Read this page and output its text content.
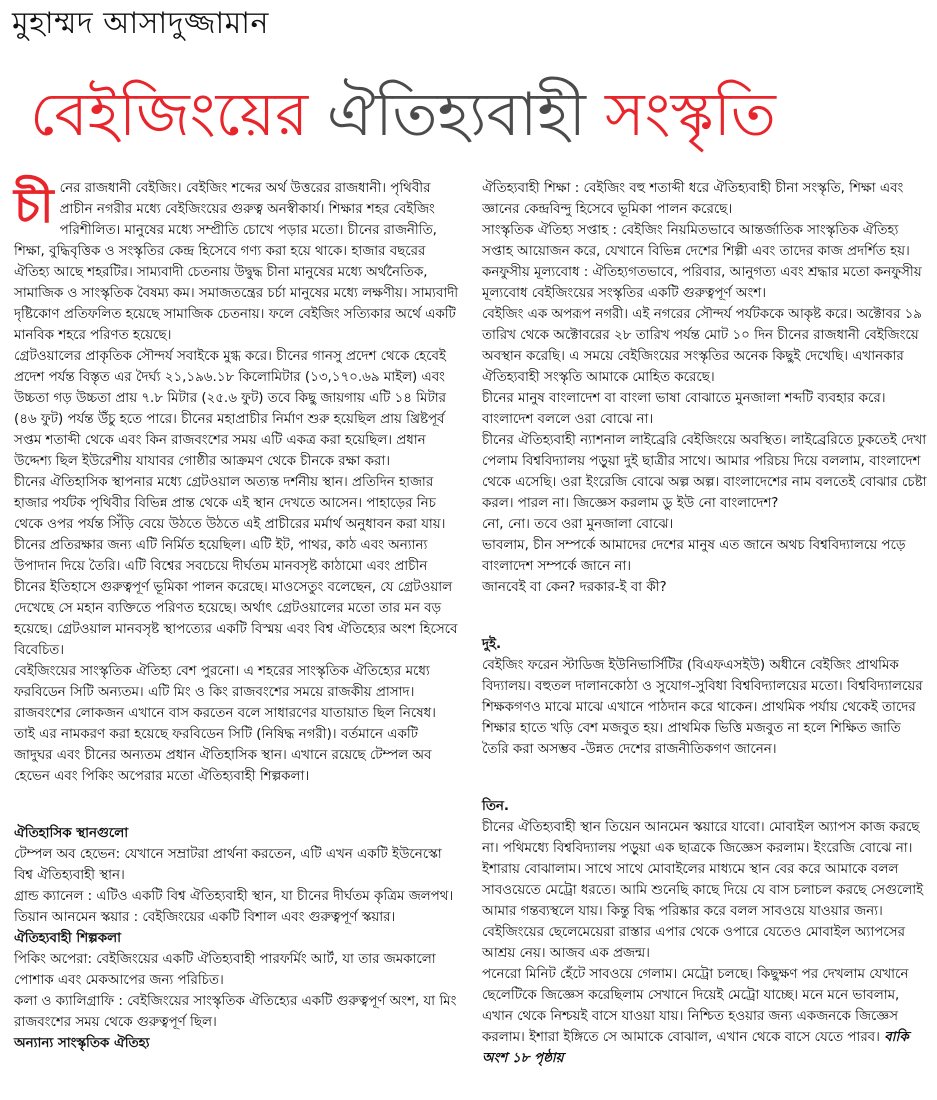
মুহাম্মদ আসাদুজ্জামান
বেইজিংয়ের ঐতিহ্যবাহী সংস্কৃতি

চীনের রাজধানী বেইজিং। বেইজিং শব্দের অর্থ উত্তরের রাজধানী। পৃথিবীর প্রাচীন নগরীর মধ্যে বেইজিংয়ের গুরুত্ব অনস্বীকার্য। শিক্ষার শহর বেইজিং পরিশীলিত। মানুষের মধ্যে সম্প্রীতি চোখে পড়ার মতো। চীনের রাজনীতি, শিক্ষা, বুদ্ধিবৃত্তিক ও সংস্কৃতির কেন্দ্র হিসেবে গণ্য করা হয়ে থাকে। হাজার বছরের ঐতিহ্য আছে শহরটির। সাম্যবাদী চেতনায় উদ্বুদ্ধ চীনা মানুষের মধ্যে অর্থনৈতিক, সামাজিক ও সাংস্কৃতিক বৈষম্য কম। সমাজতন্ত্রের চর্চা মানুষের মধ্যে লক্ষণীয়। সাম্যবাদী দৃষ্টিকোণ প্রতিফলিত হয়েছে সামাজিক চেতনায়। ফলে বেইজিং সত্যিকার অর্থে একটি মানবিক শহরে পরিণত হয়েছে।

গ্রেটওয়ালের প্রাকৃতিক সৌন্দর্য সবাইকে মুগ্ধ করে। চীনের গানসু প্রদেশ থেকে হেবেই প্রদেশ পর্যন্ত বিস্তৃত এর দৈর্ঘ্য ২১,১৯৬.১৮ কিলোমিটার (১৩,১৭০.৬৯ মাইল) এবং উচ্চতা গড় উচ্চতা প্রায় ৭.৮ মিটার (২৫.৬ ফুট) তবে কিছু জায়গায় এটি ১৪ মিটার (৪৬ ফুট) পর্যন্ত উঁচু হতে পারে। চীনের মহাপ্রাচীর নির্মাণ শুরু হয়েছিল প্রায় খ্রিষ্টপূর্ব সপ্তম শতাব্দী থেকে এবং কিন রাজবংশের সময় এটি একত্র করা হয়েছিল। প্রধান উদ্দেশ্য ছিল ইউরেশীয় যাযাবর গোষ্ঠীর আক্রমণ থেকে চীনকে রক্ষা করা।

চীনের ঐতিহাসিক স্থাপনার মধ্যে গ্রেটওয়াল অত্যন্ত দর্শনীয় স্থান। প্রতিদিন হাজার হাজার পর্যটক পৃথিবীর বিভিন্ন প্রান্ত থেকে এই স্থান দেখতে আসেন। পাহাড়ের নিচ থেকে ওপর পর্যন্ত সিঁড়ি বেয়ে উঠতে উঠতে এই প্রাচীরের মর্মার্থ অনুধাবন করা যায়। চীনের প্রতিরক্ষার জন্য এটি নির্মিত হয়েছিল। এটি ইট, পাথর, কাঠ এবং অন্যান্য উপাদান দিয়ে তৈরি। এটি বিশ্বের সবচেয়ে দীর্ঘতম মানবসৃষ্ট কাঠামো এবং প্রাচীন চীনের ইতিহাসে গুরুত্বপূর্ণ ভূমিকা পালন করেছে। মাওসেতুং বলেছেন, যে গ্রেটওয়াল দেখেছে সে মহান ব্যক্তিতে পরিণত হয়েছে। অর্থাৎ গ্রেটওয়ালের মতো তার মন বড় হয়েছে। গ্রেটওয়াল মানবসৃষ্ট স্থাপত্যের একটি বিস্ময় এবং বিশ্ব ঐতিহ্যের অংশ হিসেবে বিবেচিত।

বেইজিংয়ের সাংস্কৃতিক ঐতিহ্য বেশ পুরনো। এ শহরের সাংস্কৃতিক ঐতিহ্যের মধ্যে ফরবিডেন সিটি অন্যতম। এটি মিং ও কিং রাজবংশের সময়ে রাজকীয় প্রাসাদ। রাজবংশের লোকজন এখানে বাস করতেন বলে সাধারণের যাতায়াত ছিল নিষেধ। তাই এর নামকরণ করা হয়েছে ফরবিডেন সিটি (নিষিদ্ধ নগরী)। বর্তমানে একটি জাদুঘর এবং চীনের অন্যতম প্রধান ঐতিহাসিক স্থান। এখানে রয়েছে টেম্পল অব হেভেন এবং পিকিং অপেরার মতো ঐতিহ্যবাহী শিল্পকলা।

ঐতিহাসিক স্থানগুলো

টেম্পল অব হেভেন: যেখানে সম্রাটরা প্রার্থনা করতেন, এটি এখন একটি ইউনেস্কো বিশ্ব ঐতিহ্যবাহী স্থান।

গ্রান্ড ক্যানেল : এটিও একটি বিশ্ব ঐতিহ্যবাহী স্থান, যা চীনের দীর্ঘতম কৃত্রিম জলপথ।

তিয়ান আনমেন স্কয়ার : বেইজিংয়ের একটি বিশাল এবং গুরুত্বপূর্ণ স্কয়ার।

ঐতিহ্যবাহী শিল্পকলা

পিকিং অপেরা: বেইজিংয়ের একটি ঐতিহ্যবাহী পারফর্মিং আর্ট, যা তার জমকালো পোশাক এবং মেকআপের জন্য পরিচিত।

কলা ও ক্যালিগ্রাফি : বেইজিংয়ের সাংস্কৃতিক ঐতিহ্যের একটি গুরুত্বপূর্ণ অংশ, যা মিং রাজবংশের সময় থেকে গুরুত্বপূর্ণ ছিল।

অন্যান্য সাংস্কৃতিক ঐতিহ্য

ঐতিহ্যবাহী শিক্ষা : বেইজিং বহু শতাব্দী ধরে ঐতিহ্যবাহী চীনা সংস্কৃতি, শিক্ষা এবং জ্ঞানের কেন্দ্রবিন্দু হিসেবে ভূমিকা পালন করেছে।

সাংস্কৃতিক ঐতিহ্য সপ্তাহ : বেইজিং নিয়মিতভাবে আন্তর্জাতিক সাংস্কৃতিক ঐতিহ্য সপ্তাহ আয়োজন করে, যেখানে বিভিন্ন দেশের শিল্পী এবং তাদের কাজ প্রদর্শিত হয়।

কনফুসীয় মূল্যবোধ : ঐতিহ্যগতভাবে, পরিবার, আনুগত্য এবং শ্রদ্ধার মতো কনফুসীয় মূল্যবোধ বেইজিংয়ের সংস্কৃতির একটি গুরুত্বপূর্ণ অংশ।

বেইজিং এক অপরূপ নগরী। এই নগরের সৌন্দর্য পর্যটককে আকৃষ্ট করে। অক্টোবর ১৯ তারিখ থেকে অক্টোবরের ২৮ তারিখ পর্যন্ত মোট ১০ দিন চীনের রাজধানী বেইজিংয়ে অবস্থান করেছি। এ সময়ে বেইজিংয়ের সংস্কৃতির অনেক কিছুই দেখেছি। এখানকার ঐতিহ্যবাহী সংস্কৃতি আমাকে মোহিত করেছে।

চীনের মানুষ বাংলাদেশ বা বাংলা ভাষা বোঝাতে মুনজালা শব্দটি ব্যবহার করে। বাংলাদেশ বললে ওরা বোঝে না।

চীনের ঐতিহ্যবাহী ন্যাশনাল লাইব্রেরি বেইজিংয়ে অবস্থিত। লাইব্রেরিতে ঢুকতেই দেখা পেলাম বিশ্ববিদ্যালয় পড়ুয়া দুই ছাত্রীর সাথে। আমার পরিচয় দিয়ে বললাম, বাংলাদেশ থেকে এসেছি। ওরা ইংরেজি বোঝে অল্প অল্প। বাংলাদেশের নাম বলতেই বোঝার চেষ্টা করল। পারল না। জিজ্ঞেস করলাম ডু ইউ নো বাংলাদেশ?

নো, নো। তবে ওরা মুনজালা বোঝে।

ভাবলাম, চীন সম্পর্কে আমাদের দেশের মানুষ এত জানে অথচ বিশ্ববিদ্যালয়ে পড়ে বাংলাদেশ সম্পর্কে জানে না।

জানবেই বা কেন? দরকার-ই বা কী?

দুই.

বেইজিং ফরেন স্টাডিজ ইউনিভার্সিটির (বিএফএসইউ) অধীনে বেইজিং প্রাথমিক বিদ্যালয়। বহুতল দালানকোঠা ও সুযোগ-সুবিধা বিশ্ববিদ্যালয়ের মতো। বিশ্ববিদ্যালয়ের শিক্ষকগণও মাঝে মাঝে এখানে পাঠদান করে থাকেন। প্রাথমিক পর্যায় থেকেই তাদের শিক্ষার হাতে খড়ি বেশ মজবুত হয়। প্রাথমিক ভিত্তি মজবুত না হলে শিক্ষিত জাতি তৈরি করা অসম্ভব -উন্নত দেশের রাজনীতিকগণ জানেন।

তিন.

চীনের ঐতিহ্যবাহী স্থান তিয়েন আনমেন স্কয়ারে যাবো। মোবাইল অ্যাপস কাজ করছে না। পথিমধ্যে বিশ্ববিদ্যালয় পড়ুয়া এক ছাত্রকে জিজ্ঞেস করলাম। ইংরেজি বোঝে না। ইশারায় বোঝালাম। সাথে সাথে মোবাইলের মাধ্যমে স্থান বের করে আমাকে বলল সাবওয়েতে মেট্রো ধরতে। আমি শুনেছি কাছে দিয়ে যে বাস চলাচল করছে সেগুলোই আমার গন্তব্যস্থলে যায়। কিন্তু বিদ্ধ পরিষ্কার করে বলল সাবওয়ে যাওয়ার জন্য।

বেইজিংয়ের ছেলেমেয়েরা রাস্তার এপার থেকে ওপারে যেতেও মোবাইল অ্যাপসের আশ্রয় নেয়। আজব এক প্রজন্ম।

পনেরো মিনিট হেঁটে সাবওয়ে গেলাম। মেট্রো চলছে। কিছুক্ষণ পর দেখলাম যেখানে ছেলেটিকে জিজ্ঞেস করেছিলাম সেখানে দিয়েই মেট্রো যাচ্ছে। মনে মনে ভাবলাম, এখান থেকে নিশ্চয়ই বাসে যাওয়া যায়। নিশ্চিত হওয়ার জন্য একজনকে জিজ্ঞেস করলাম। ইশারা ইঙ্গিতে সে আমাকে বোঝাল, এখান থেকে বাসে যেতে পারব। বাকি অংশ ১৮ পৃষ্ঠায়
